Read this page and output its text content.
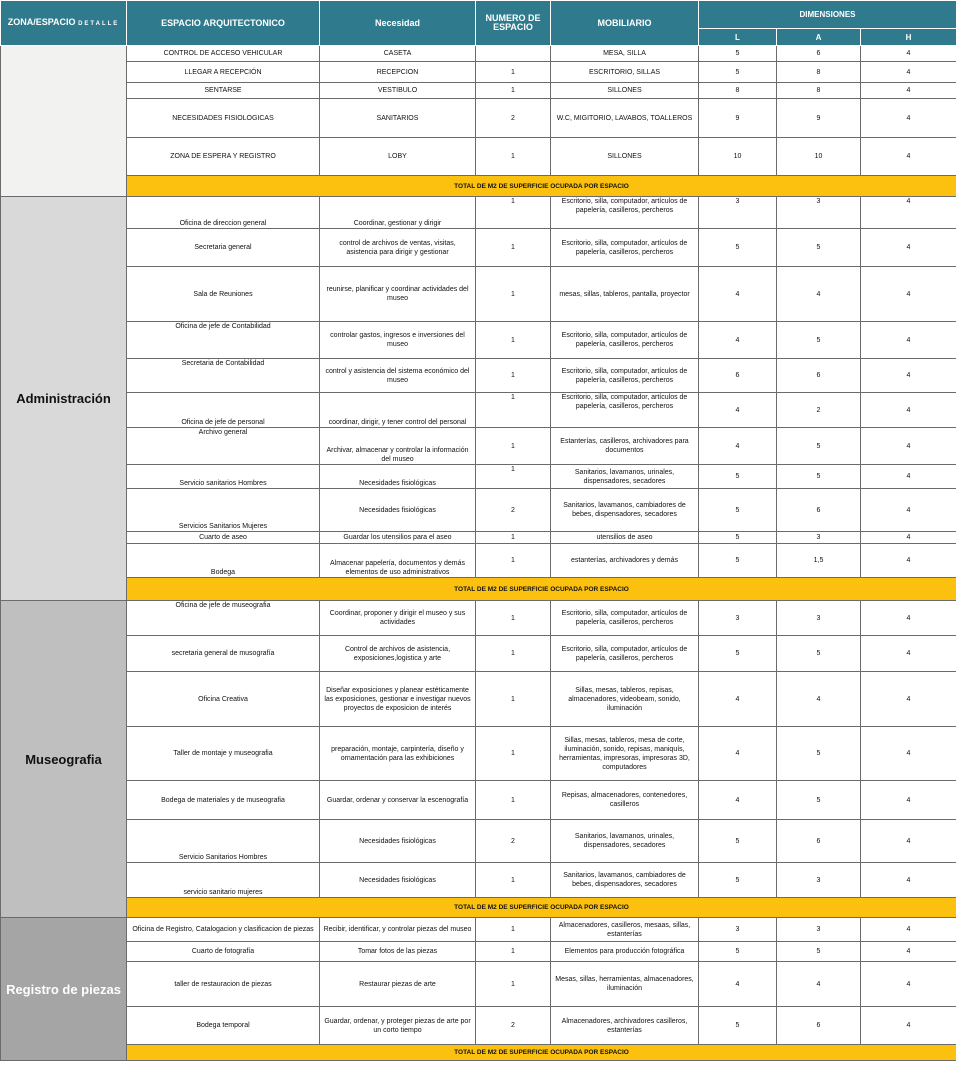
ZONA/ESPACIO DETALLE	ESPACIO ARQUITECTONICO	Necesidad	NUMERO DE ESPACIO	MOBILIARIO	DIMENSIONES		
					L	A	H
	CONTROL DE ACCESO VEHICULAR	CASETA		MESA, SILLA	5	6	4
	LLEGAR A RECEPCIÓN	RECEPCION	1	ESCRITORIO, SILLAS	5	8	4
	SENTARSE	VESTIBULO	1	SILLONES	8	8	4
	NECESIDADES FISIOLOGICAS	SANITARIOS	2	W.C, MIGITORIO, LAVABOS, TOALLEROS	9	9	4
	ZONA DE ESPERA Y REGISTRO	LOBY	1	SILLONES	10	10	4
	TOTAL DE M2 DE SUPERFICIE OCUPADA POR ESPACIO						
Administración	Oficina de direccion general	Coordinar, gestionar y dirigir	1	Escritorio, silla, computador, artículos de papelería, casilleros, percheros	3	3	4
	Secretaria general	control de archivos de ventas, visitas, asistencia para dirigir y gestionar	1	Escritorio, silla, computador, artículos de papelería, casilleros, percheros	5	5	4
	Sala de Reuniones	reunirse, planificar y coordinar actividades del museo	1	mesas, sillas, tableros, pantalla, proyector	4	4	4
	Oficina de jefe de Contabilidad	controlar gastos, ingresos e inversiones del museo	1	Escritorio, silla, computador, artículos de papelería, casilleros, percheros	4	5	4
	Secretaria de Contabilidad	control y asistencia del sistema económico del museo	1	Escritorio, silla, computador, artículos de papelería, casilleros, percheros	6	6	4
	Oficina de jefe de personal	coordinar, dirigir, y tener control del personal	1	Escritorio, silla, computador, artículos de papelería, casilleros, percheros	4	2	4
	Archivo general	Archivar, almacenar y controlar la información del museo	1	Estanterías, casilleros, archivadores para documentos	4	5	4
	Servicio sanitarios Hombres	Necesidades fisiológicas	1	Sanitarios, lavamanos, urinales, dispensadores, secadores	5	5	4
	Servicios Sanitarios Mujeres	Necesidades fisiológicas	2	Sanitarios, lavamanos, cambiadores de bebes, dispensadores, secadores	5	6	4
	Cuarto de aseo	Guardar los utensilios para el aseo	1	utensilios de aseo	5	3	4
	Bodega	Almacenar papelería, documentos y demás elementos de uso administrativos	1	estanterías, archivadores y demás	5	1,5	4
	TOTAL DE M2 DE SUPERFICIE OCUPADA POR ESPACIO						
Museografia	Oficina de jefe de museografia	Coordinar, proponer y dirigir el museo y sus actividades	1	Escritorio, silla, computador, artículos de papelería, casilleros, percheros	3	3	4
	secretaria general de musografía	Control de archivos de asistencia, exposiciones,logistica y arte	1	Escritorio, silla, computador, artículos de papelería, casilleros, percheros	5	5	4
	Oficina Creativa	Diseñar exposiciones y planear estéticamente las exposiciones, gestionar e investigar nuevos proyectos de exposicion de interés	1	Sillas, mesas, tableros, repisas, almacenadores, videobeam, sonido, iluminación	4	4	4
	Taller de montaje y museografia	preparación, montaje, carpintería, diseño y ornamentación para las exhibiciones	1	Sillas, mesas, tableros, mesa de corte, iluminación, sonido, repisas, maniquís, herramientas, impresoras, impresoras 3D, computadores	4	5	4
	Bodega de materiales y de museografia	Guardar, ordenar y conservar la escenografía	1	Repisas, almacenadores, contenedores, casilleros	4	5	4
	Servicio Sanitarios Hombres	Necesidades fisiológicas	2	Sanitarios, lavamanos, urinales, dispensadores, secadores	5	6	4
	servicio sanitario mujeres	Necesidades fisiológicas	1	Sanitarios, lavamanos, cambiadores de bebes, dispensadores, secadores	5	3	4
	TOTAL DE M2 DE SUPERFICIE OCUPADA POR ESPACIO						
Registro de piezas	Oficina de Registro, Catalogacion y clasificacion de piezas	Recibir, identificar, y controlar piezas del museo	1	Almacenadores, casilleros, mesaas, sillas, estanterías	3	3	4
	Cuarto de fotografía	Tomar fotos de las piezas	1	Elementos para producción fotográfica	5	5	4
	taller de restauracion de piezas	Restaurar piezas de arte	1	Mesas, sillas, herramientas, almacenadores, iluminación	4	4	4
	Bodega temporal	Guardar, ordenar, y proteger piezas de arte por un corto tiempo	2	Almacenadores, archivadores casilleros, estanterías	5	6	4
	TOTAL DE M2 DE SUPERFICIE OCUPADA POR ESPACIO						
